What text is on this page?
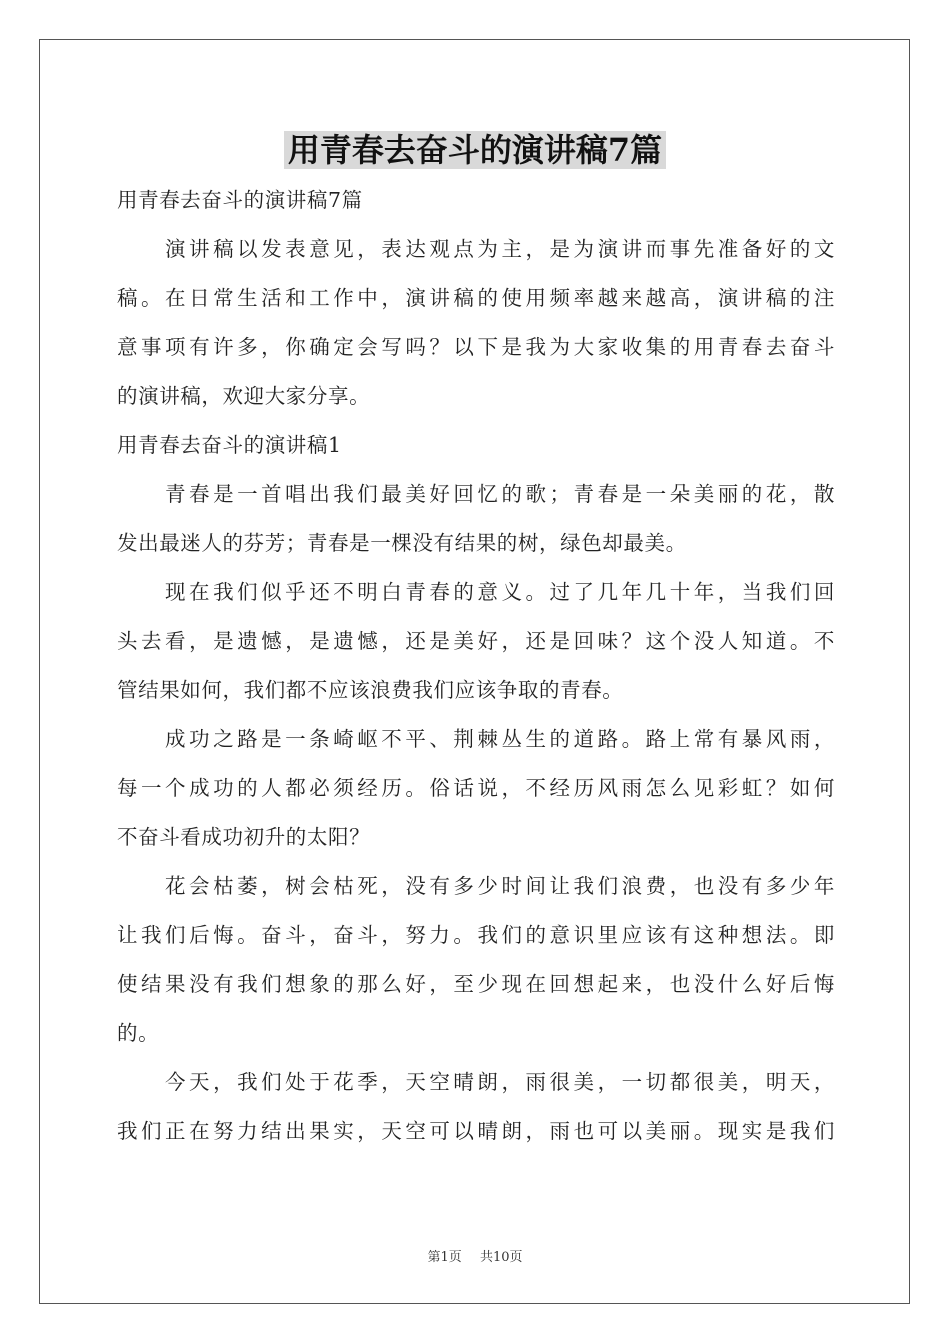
用青春去奋斗的演讲稿7篇
用青春去奋斗的演讲稿7篇
演讲稿以发表意见，表达观点为主，是为演讲而事先准备好的文
稿。在日常生活和工作中，演讲稿的使用频率越来越高，演讲稿的注
意事项有许多，你确定会写吗？以下是我为大家收集的用青春去奋斗
的演讲稿，欢迎大家分享。
用青春去奋斗的演讲稿1
青春是一首唱出我们最美好回忆的歌；青春是一朵美丽的花，散
发出最迷人的芬芳；青春是一棵没有结果的树，绿色却最美。
现在我们似乎还不明白青春的意义。过了几年几十年，当我们回
头去看，是遗憾，是遗憾，还是美好，还是回味？这个没人知道。不
管结果如何，我们都不应该浪费我们应该争取的青春。
成功之路是一条崎岖不平、荆棘丛生的道路。路上常有暴风雨，
每一个成功的人都必须经历。俗话说，不经历风雨怎么见彩虹？如何
不奋斗看成功初升的太阳？
花会枯萎，树会枯死，没有多少时间让我们浪费，也没有多少年
让我们后悔。奋斗，奋斗，努力。我们的意识里应该有这种想法。即
使结果没有我们想象的那么好，至少现在回想起来，也没什么好后悔
的。
今天，我们处于花季，天空晴朗，雨很美，一切都很美，明天，
我们正在努力结出果实，天空可以晴朗，雨也可以美丽。现实是我们
第1页 共10页
